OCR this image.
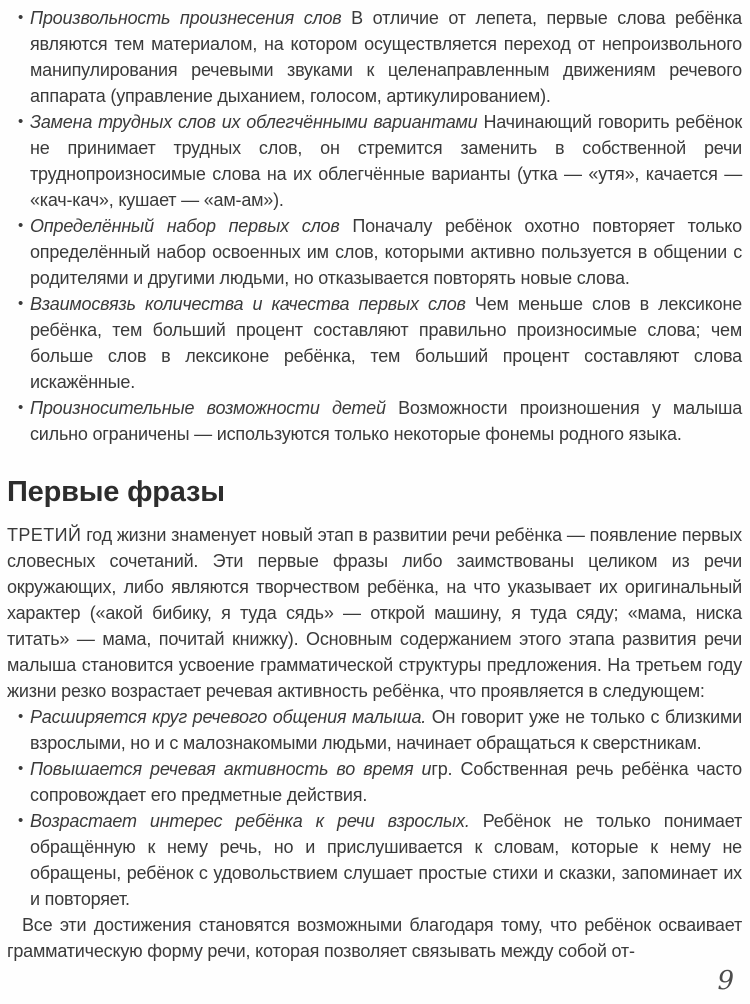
• Произвольность произнесения слов В отличие от лепета, первые слова ребёнка являются тем материалом, на котором осуществляется переход от непроизвольного манипулирования речевыми звуками к целенаправленным движениям речевого аппарата (управление дыханием, голосом, артикулированием).
• Замена трудных слов их облегчёнными вариантами Начинающий говорить ребёнок не принимает трудных слов, он стремится заменить в собственной речи труднопроизносимые слова на их облегчённые варианты (утка — «утя», качается — «кач-кач», кушает — «ам-ам»).
• Определённый набор первых слов Поначалу ребёнок охотно повторяет только определённый набор освоенных им слов, которыми активно пользуется в общении с родителями и другими людьми, но отказывается повторять новые слова.
• Взаимосвязь количества и качества первых слов Чем меньше слов в лексиконе ребёнка, тем больший процент составляют правильно произносимые слова; чем больше слов в лексиконе ребёнка, тем больший процент составляют слова искажённые.
• Произносительные возможности детей Возможности произношения у малыша сильно ограничены — используются только некоторые фонемы родного языка.
Первые фразы

ТРЕТИЙ год жизни знаменует новый этап в развитии речи ребёнка — появление первых словесных сочетаний. Эти первые фразы либо заимствованы целиком из речи окружающих, либо являются творчеством ребёнка, на что указывает их оригинальный характер («акой бибику, я туда сядь» — открой машину, я туда сяду; «мама, ниска титать» — мама, почитай книжку). Основным содержанием этого этапа развития речи малыша становится усвоение грамматической структуры предложения. На третьем году жизни резко возрастает речевая активность ребёнка, что проявляется в следующем:

• Расширяется круг речевого общения малыша. Он говорит уже не только с близкими взрослыми, но и с малознакомыми людьми, начинает обращаться к сверстникам.
• Повышается речевая активность во время игр. Собственная речь ребёнка часто сопровождает его предметные действия.
• Возрастает интерес ребёнка к речи взрослых. Ребёнок не только понимает обращённую к нему речь, но и прислушивается к словам, которые к нему не обращены, ребёнок с удовольствием слушает простые стихи и сказки, запоминает их и повторяет.

Все эти достижения становятся возможными благодаря тому, что ребёнок осваивает грамматическую форму речи, которая позволяет связывать между собой от-

9
